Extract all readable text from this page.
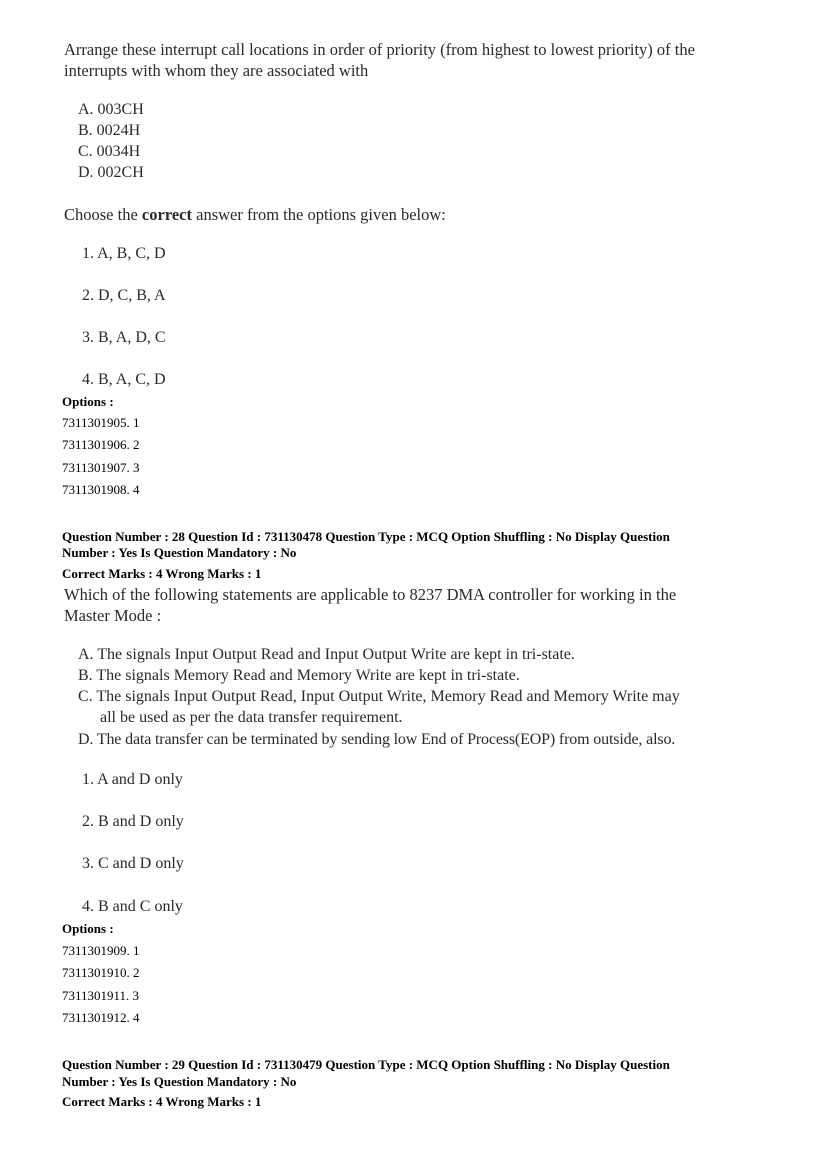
Arrange these interrupt call locations in order of priority (from highest to lowest priority) of the
interrupts with whom they are associated with
A. 003CH
B. 0024H
C. 0034H
D. 002CH
Choose the correct answer from the options given below:
1. A, B, C, D
2. D, C, B, A
3. B, A, D, C
4. B, A, C, D
Options :
7311301905. 1
7311301906. 2
7311301907. 3
7311301908. 4
Question Number : 28 Question Id : 731130478 Question Type : MCQ Option Shuffling : No Display Question
Number : Yes Is Question Mandatory : No
Correct Marks : 4 Wrong Marks : 1
Which of the following statements are applicable to 8237 DMA controller for working in the
Master Mode :
A. The signals Input Output Read and Input Output Write are kept in tri-state.
B. The signals Memory Read and Memory Write are kept in tri-state.
C. The signals Input Output Read, Input Output Write, Memory Read and Memory Write may
all be used as per the data transfer requirement.
D. The data transfer can be terminated by sending low End of Process(EOP) from outside, also.
1. A and D only
2. B and D only
3. C and D only
4. B and C only
Options :
7311301909. 1
7311301910. 2
7311301911. 3
7311301912. 4
Question Number : 29 Question Id : 731130479 Question Type : MCQ Option Shuffling : No Display Question
Number : Yes Is Question Mandatory : No
Correct Marks : 4 Wrong Marks : 1
